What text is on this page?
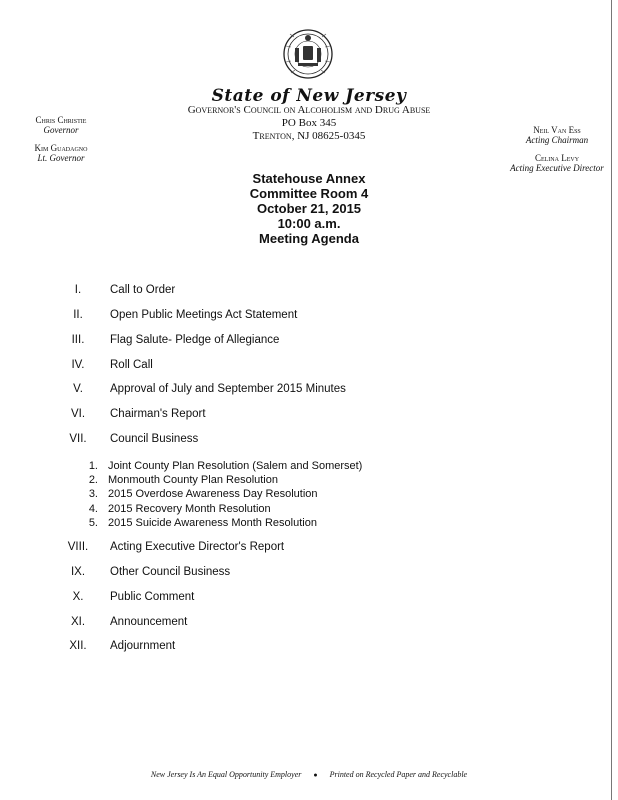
State of New Jersey
Governor's Council on Alcoholism and Drug Abuse
PO Box 345
Trenton, NJ 08625-0345
Chris Christie
Governor
Kim Guadagno
Lt. Governor
Neil Van Ess
Acting Chairman
Celina Levy
Acting Executive Director
Statehouse Annex
Committee Room 4
October 21, 2015
10:00 a.m.
Meeting Agenda
I.	Call to Order
II.	Open Public Meetings Act Statement
III.	Flag Salute- Pledge of Allegiance
IV.	Roll Call
V.	Approval of July and September 2015 Minutes
VI.	Chairman's Report
VII.	Council Business
1. Joint County Plan Resolution (Salem and Somerset)
2. Monmouth County Plan Resolution
3. 2015 Overdose Awareness Day Resolution
4. 2015 Recovery Month Resolution
5. 2015 Suicide Awareness Month Resolution
VIII.	Acting Executive Director's Report
IX.	Other Council Business
X.	Public Comment
XI.	Announcement
XII.	Adjournment
New Jersey Is An Equal Opportunity Employer ● Printed on Recycled Paper and Recyclable
